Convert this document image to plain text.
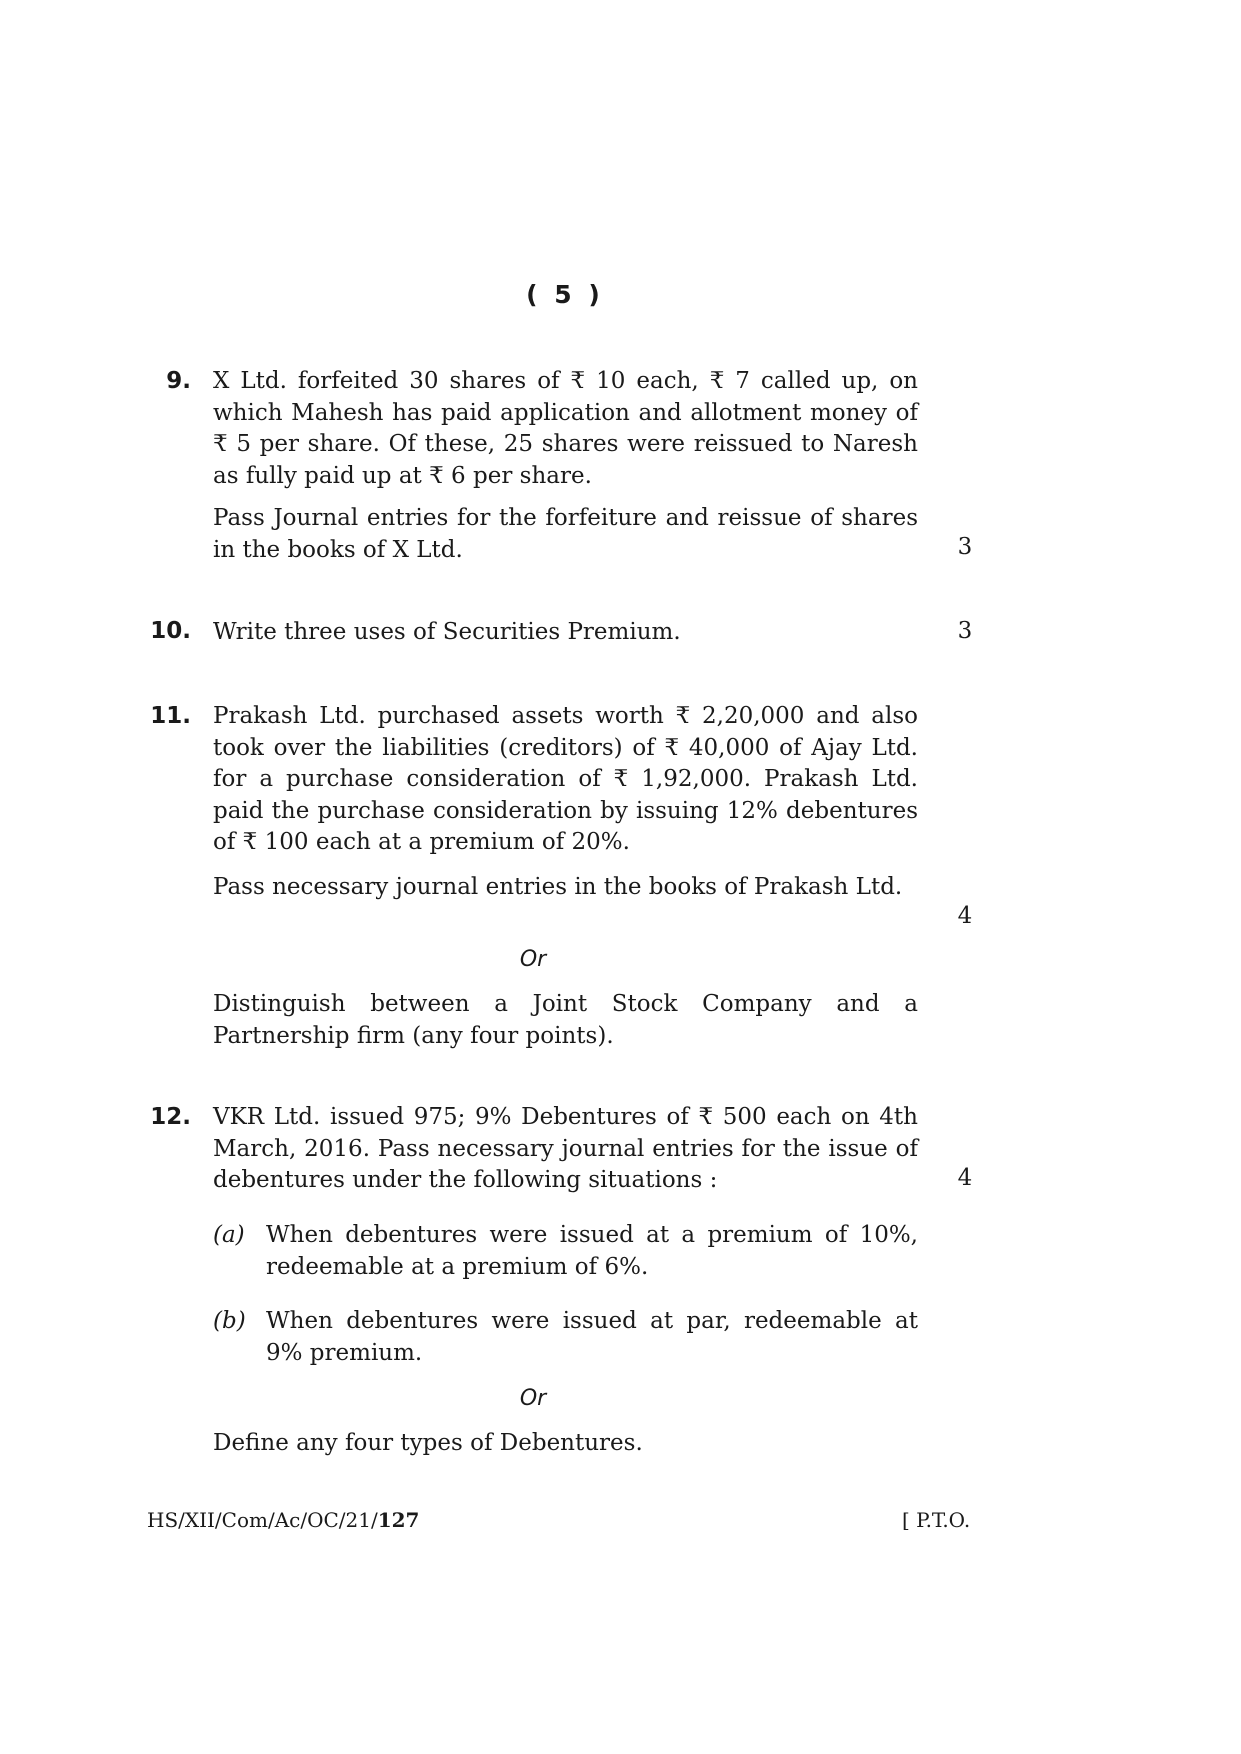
( 5 )
9. X Ltd. forfeited 30 shares of ₹ 10 each, ₹ 7 called up, on which Mahesh has paid application and allotment money of ₹ 5 per share. Of these, 25 shares were reissued to Naresh as fully paid up at ₹ 6 per share.
Pass Journal entries for the forfeiture and reissue of shares in the books of X Ltd.	3
10. Write three uses of Securities Premium.	3
11. Prakash Ltd. purchased assets worth ₹ 2,20,000 and also took over the liabilities (creditors) of ₹ 40,000 of Ajay Ltd. for a purchase consideration of ₹ 1,92,000. Prakash Ltd. paid the purchase consideration by issuing 12% debentures of ₹ 100 each at a premium of 20%.
Pass necessary journal entries in the books of Prakash Ltd.
4
Or
Distinguish between a Joint Stock Company and a Partnership firm (any four points).
12. VKR Ltd. issued 975; 9% Debentures of ₹ 500 each on 4th March, 2016. Pass necessary journal entries for the issue of debentures under the following situations :	4
(a) When debentures were issued at a premium of 10%, redeemable at a premium of 6%.
(b) When debentures were issued at par, redeemable at 9% premium.
Or
Define any four types of Debentures.
HS/XII/Com/Ac/OC/21/127	[ P.T.O.
